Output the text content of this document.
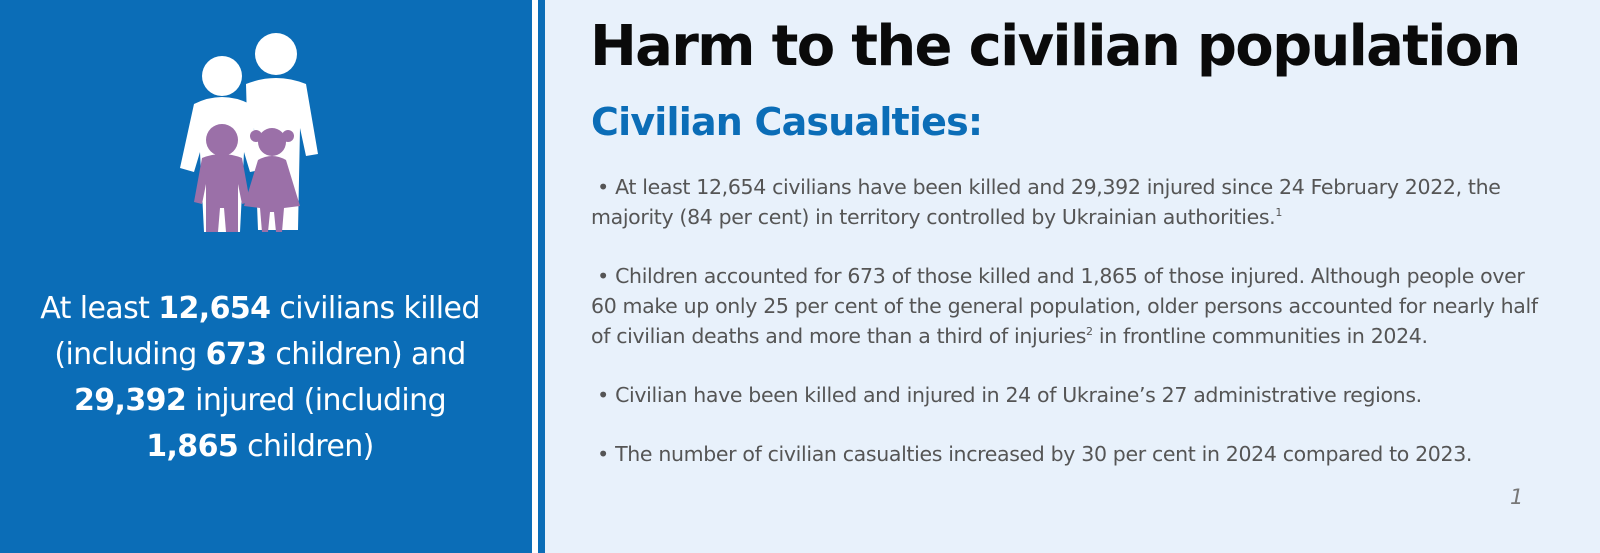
At least 12,654 civilians killed
(including 673 children) and
29,392 injured (including
1,865 children)
Harm to the civilian population
Civilian Casualties:
• At least 12,654 civilians have been killed and 29,392 injured since 24 February 2022, the majority (84 per cent) in territory controlled by Ukrainian authorities.$^1$
• Children accounted for 673 of those killed and 1,865 of those injured. Although people over 60 make up only 25 per cent of the general population, older persons accounted for nearly half of civilian deaths and more than a third of injuries$^2$ in frontline communities in 2024.
• Civilian have been killed and injured in 24 of Ukraine’s 27 administrative regions.
• The number of civilian casualties increased by 30 per cent in 2024 compared to 2023.
1
